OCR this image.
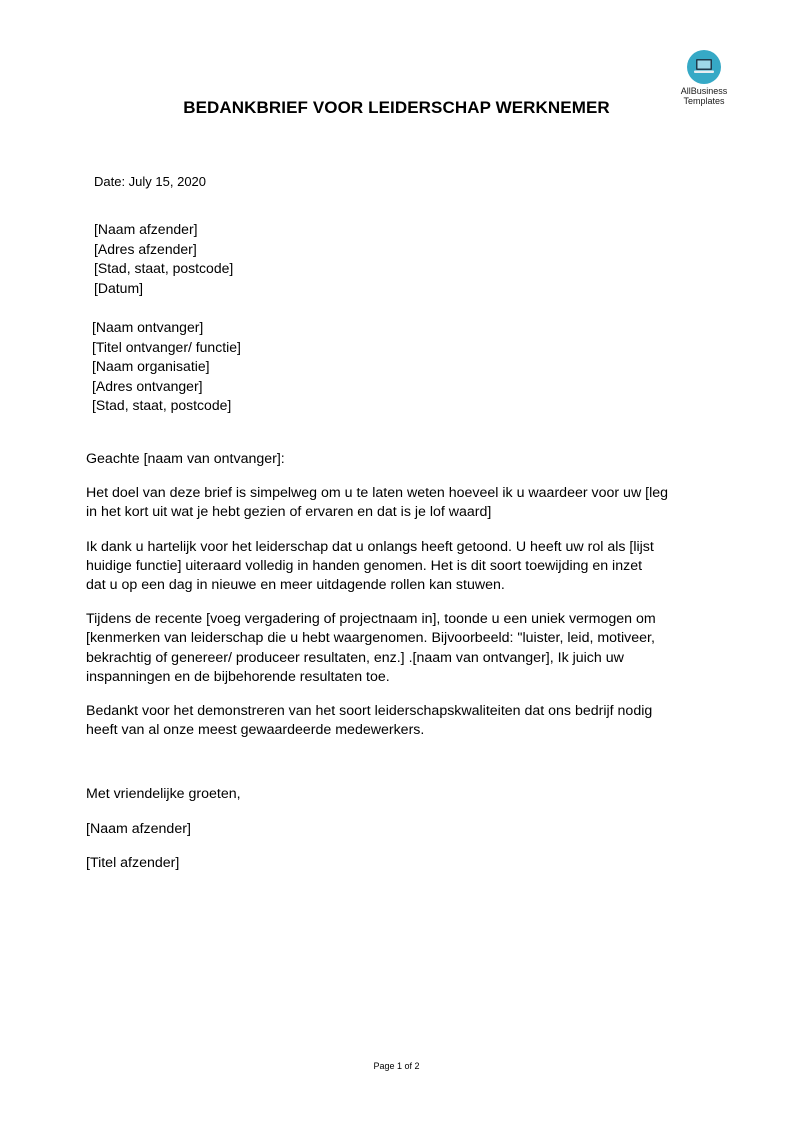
AllBusiness
Templates
BEDANKBRIEF VOOR LEIDERSCHAP WERKNEMER
Date: July 15, 2020
[Naam afzender]
[Adres afzender]
[Stad, staat, postcode]
[Datum]
[Naam ontvanger]
[Titel ontvanger/ functie]
[Naam organisatie]
[Adres ontvanger]
[Stad, staat, postcode]

Geachte [naam van ontvanger]:

Het doel van deze brief is simpelweg om u te laten weten hoeveel ik u waardeer voor uw [leg
in het kort uit wat je hebt gezien of ervaren en dat is je lof waard]

Ik dank u hartelijk voor het leiderschap dat u onlangs heeft getoond. U heeft uw rol als [lijst
huidige functie] uiteraard volledig in handen genomen. Het is dit soort toewijding en inzet
dat u op een dag in nieuwe en meer uitdagende rollen kan stuwen.

Tijdens de recente [voeg vergadering of projectnaam in], toonde u een uniek vermogen om
[kenmerken van leiderschap die u hebt waargenomen. Bijvoorbeeld: "luister, leid, motiveer,
bekrachtig of genereer/ produceer resultaten, enz.] .[naam van ontvanger], Ik juich uw
inspanningen en de bijbehorende resultaten toe.

Bedankt voor het demonstreren van het soort leiderschapskwaliteiten dat ons bedrijf nodig
heeft van al onze meest gewaardeerde medewerkers.

Met vriendelijke groeten,

[Naam afzender]

[Titel afzender]

Page 1 of 2
